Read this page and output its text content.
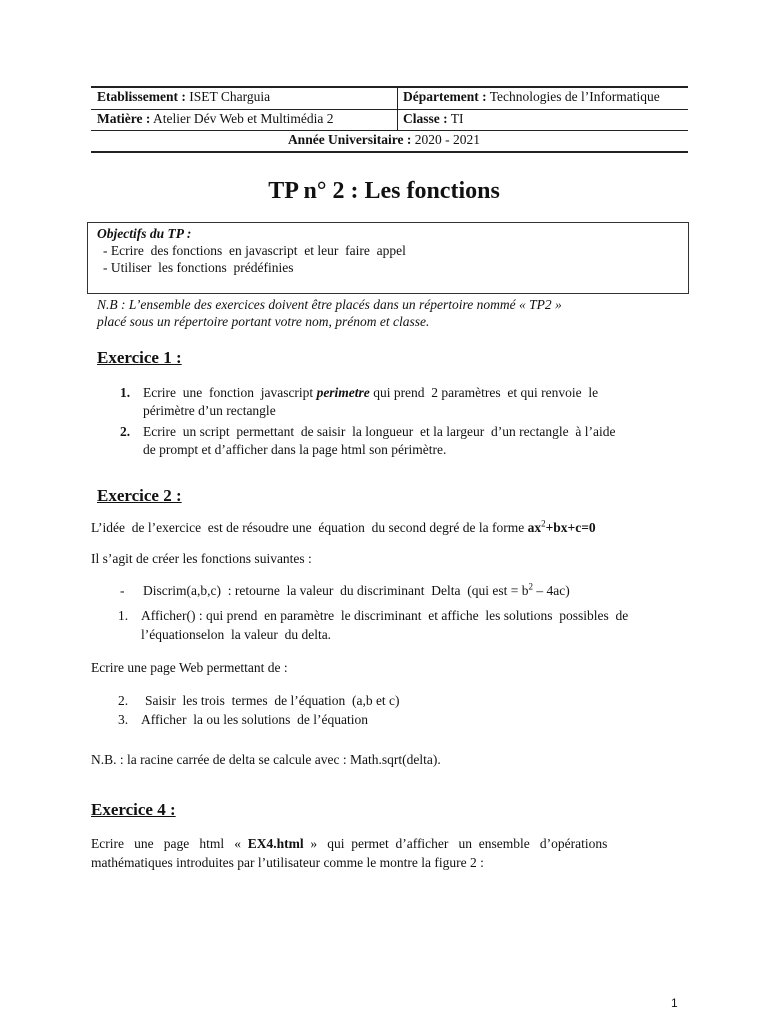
Etablissement : ISET Charguia	Département : Technologies de l’Informatique
Matière : Atelier Dév Web et Multimédia 2	Classe : TI
Année Universitaire : 2020 - 2021
TP n° 2 : Les fonctions
Objectifs du TP :
- Ecrire  des fonctions  en javascript  et leur  faire  appel
- Utiliser  les fonctions  prédéfinies
N.B : L’ensemble des exercices doivent être placés dans un répertoire nommé « TP2 »
placé sous un répertoire portant votre nom, prénom et classe.
Exercice 1 :
1. Ecrire  une  fonction  javascript perimetre qui prend  2 paramètres  et qui renvoie  le
périmètre d’un rectangle
2. Ecrire  un script  permettant  de saisir  la longueur  et la largeur  d’un rectangle  à l’aide
de prompt et d’afficher dans la page html son périmètre.
Exercice 2 :
L’idée  de l’exercice  est de résoudre une  équation  du second degré de la forme $ax^2+bx+c=0$
Il s’agit de créer les fonctions suivantes :
- Discrim(a,b,c)  : retourne  la valeur  du discriminant  Delta  (qui est = $b^2 - 4ac$)
1. Afficher() : qui prend  en paramètre  le discriminant  et affiche  les solutions  possibles  de
l’équationselon  la valeur  du delta.
Ecrire une page Web permettant de :
2. Saisir  les trois  termes  de l’équation  (a,b et c)
3. Afficher  la ou les solutions  de l’équation
N.B. : la racine carrée de delta se calcule avec : Math.sqrt(delta).
Exercice 4 :
Ecrire   une   page   html   «  EX4.html  »   qui  permet  d’afficher   un  ensemble   d’opérations
mathématiques introduites par l’utilisateur comme le montre la figure 2 :
1
